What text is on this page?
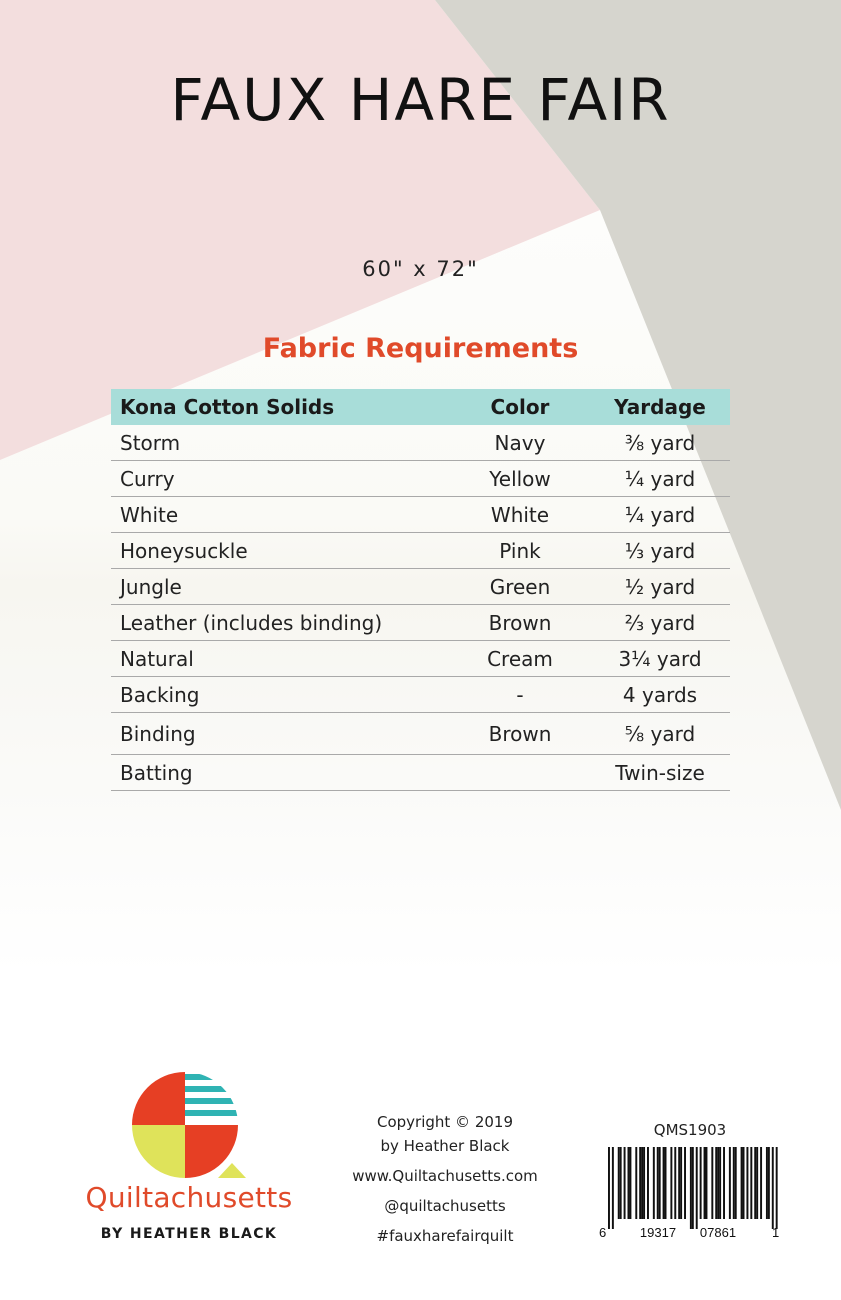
FAUX HARE FAIR
60" x 72"
Fabric Requirements
Kona Cotton Solids	Color	Yardage
Storm	Navy	⅜ yard
Curry	Yellow	¼ yard
White	White	¼ yard
Honeysuckle	Pink	⅓ yard
Jungle	Green	½ yard
Leather (includes binding)	Brown	⅔ yard
Natural	Cream	3¼ yard
Backing	-	4 yards
Binding	Brown	⅝ yard
Batting		Twin-size
Quiltachusetts
BY HEATHER BLACK
Copyright © 2019
by Heather Black
www.Quiltachusetts.com
@quiltachusetts
#fauxharefairquilt
QMS1903
6	19317 07861	1
